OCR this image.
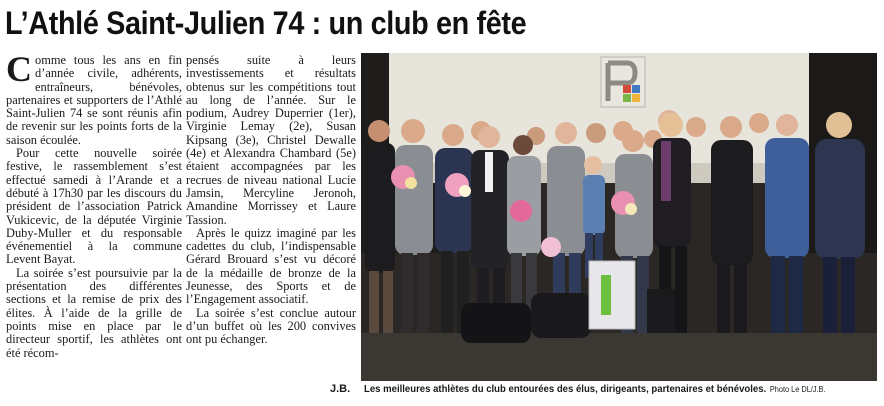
L’Athlé Saint-Julien 74 : un club en fête

Comme tous les ans en fin d’année civile, adhérents, entraîneurs, bénévoles, partenaires et supporters de l’Athlé Saint-Julien 74 se sont réunis afin de revenir sur les points forts de la saison écoulée.

Pour cette nouvelle soirée festive, le rassemblement s’est effectué samedi à l’Arande et a débuté à 17h30 par les discours du président de l’association Patrick Vukicevic, de la députée Virginie Duby-Muller et du responsable événementiel à la commune Levent Bayat.

La soirée s’est poursuivie par la présentation des différentes sections et la remise de prix des élites. À l’aide de la grille de points mise en place par le directeur sportif, les athlètes ont été récom-

pensés suite à leurs investissements et résultats obtenus sur les compétitions tout au long de l’année. Sur le podium, Audrey Duperrier (1er), Virginie Lemay (2e), Susan Kipsang (3e), Christel Dewalle (4e) et Alexandra Chambard (5e) étaient accompagnées par les recrues de niveau national Lucie Jamsin, Mercyline Jeronoh, Amandine Morrissey et Laure Tassion.

Après le quizz imaginé par les cadettes du club, l’indispensable Gérard Brouard s’est vu décoré de la médaille de bronze de la Jeunesse, des Sports et de l’Engagement associatif.

La soirée s’est conclue autour d’un buffet où les 200 convives ont pu échanger.

J.B. Les meilleures athlètes du club entourées des élus, dirigeants, partenaires et bénévoles. Photo Le DL/J.B.
